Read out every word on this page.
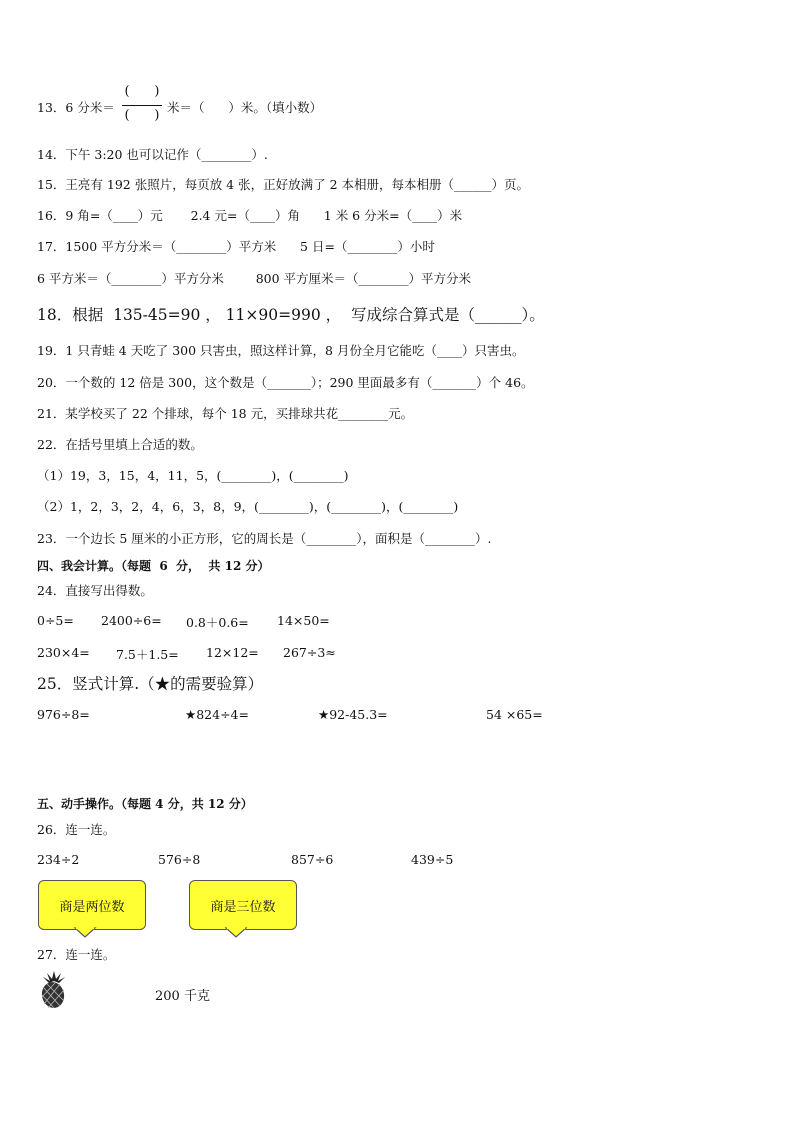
13．6 分米＝
(      )
(      )
米＝（      ）米。（填小数）
14．下午 3:20 也可以记作（________）.
15．王亮有 192 张照片，每页放 4 张，正好放满了 2 本相册，每本相册（______）页。
16．9 角=（____）元       2.4 元=（____）角      1 米 6 分米=（____）米
17．1500 平方分米＝（________）平方米      5 日=（________）小时
6 平方米＝（________）平方分米        800 平方厘米＝（________）平方分米
18．根据  135-45=90 ， 11×90=990 ，  写成综合算式是（______）。
19．1 只青蛙 4 天吃了 300 只害虫，照这样计算，8 月份全月它能吃（____）只害虫。
20．一个数的 12 倍是 300，这个数是（_______）；290 里面最多有（_______）个 46。
21．某学校买了 22 个排球，每个 18 元，买排球共花________元。
22．在括号里填上合适的数。
（1）19，3，15，4，11，5，(________)，(________)
（2）1，2，3，2，4，6，3，8，9，(________)，(________)，(________)
23．一个边长 5 厘米的小正方形，它的周长是（________），面积是（________）.
四、我会计算。（每题  6  分，  共 12 分）
24．直接写出得数。
0÷5= 2400÷6= 0.8＋0.6= 14×50=
230×4= 7.5＋1.5= 12×12= 267÷3≈
25．竖式计算.（★的需要验算）
976÷8=	★824÷4=	★92-45.3=	54 ×65=
五、动手操作。（每题 4 分，共 12 分）
26．连一连。
234÷2	576÷8	857÷6	439÷5
商是两位数	商是三位数
27．连一连。
200 千克
